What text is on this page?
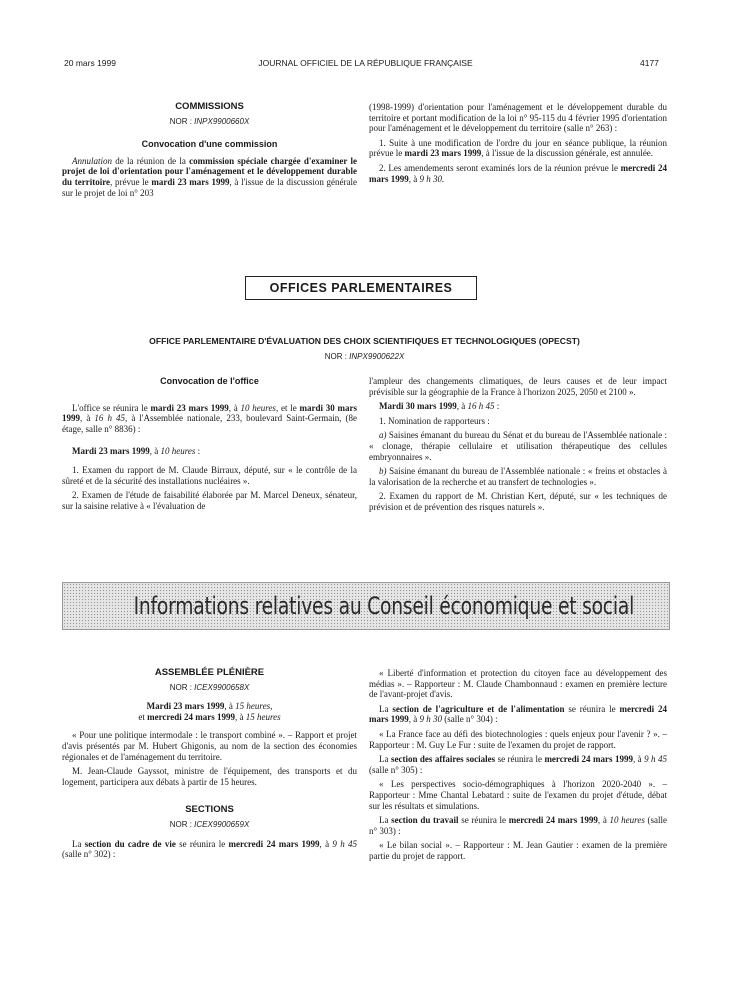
20 mars 1999	JOURNAL OFFICIEL DE LA RÉPUBLIQUE FRANÇAISE	4177
COMMISSIONS
NOR : INPX9900660X
Convocation d'une commission

Annulation de la réunion de la commission spéciale chargée d'examiner le projet de loi d'orientation pour l'aménagement et le développement durable du territoire, prévue le mardi 23 mars 1999, à l'issue de la discussion générale sur le projet de loi n° 203

(1998-1999) d'orientation pour l'aménagement et le développement durable du territoire et portant modification de la loi n° 95-115 du 4 février 1995 d'orientation pour l'aménagement et le développement du territoire (salle n° 263) :

1. Suite à une modification de l'ordre du jour en séance publique, la réunion prévue le mardi 23 mars 1999, à l'issue de la discussion générale, est annulée.

2. Les amendements seront examinés lors de la réunion prévue le mercredi 24 mars 1999, à 9 h 30.

OFFICES PARLEMENTAIRES
OFFICE PARLEMENTAIRE D'ÉVALUATION DES CHOIX SCIENTIFIQUES ET TECHNOLOGIQUES (OPECST)
NOR : INPX9900622X
Convocation de l'office

L'office se réunira le mardi 23 mars 1999, à 10 heures, et le mardi 30 mars 1999, à 16 h 45, à l'Assemblée nationale, 233, boulevard Saint-Germain, (8e étage, salle n° 8836) :

Mardi 23 mars 1999, à 10 heures :

1. Examen du rapport de M. Claude Birraux, député, sur « le contrôle de la sûreté et de la sécurité des installations nucléaires ».

2. Examen de l'étude de faisabilité élaborée par M. Marcel Deneux, sénateur, sur la saisine relative à « l'évaluation de

l'ampleur des changements climatiques, de leurs causes et de leur impact prévisible sur la géographie de la France à l'horizon 2025, 2050 et 2100 ».

Mardi 30 mars 1999, à 16 h 45 :

1. Nomination de rapporteurs :

a) Saisines émanant du bureau du Sénat et du bureau de l'Assemblée nationale : « clonage, thérapie cellulaire et utilisation thérapeutique des cellules embryonnaires ».

b) Saisine émanant du bureau de l'Assemblée nationale : « freins et obstacles à la valorisation de la recherche et au transfert de technologies ».

2. Examen du rapport de M. Christian Kert, député, sur « les techniques de prévision et de prévention des risques naturels ».

Informations relatives au Conseil économique et social
ASSEMBLÉE PLÉNIÈRE
NOR : ICEX9900658X
Mardi 23 mars 1999, à 15 heures,
et mercredi 24 mars 1999, à 15 heures

« Pour une politique intermodale : le transport combiné ». – Rapport et projet d'avis présentés par M. Hubert Ghigonis, au nom de la section des économies régionales et de l'aménagement du territoire.

M. Jean-Claude Gayssot, ministre de l'équipement, des transports et du logement, participera aux débats à partir de 15 heures.

SECTIONS
NOR : ICEX9900659X

La section du cadre de vie se réunira le mercredi 24 mars 1999, à 9 h 45 (salle n° 302) :

« Liberté d'information et protection du citoyen face au développement des médias ». – Rapporteur : M. Claude Chambonnaud : examen en première lecture de l'avant-projet d'avis.

La section de l'agriculture et de l'alimentation se réunira le mercredi 24 mars 1999, à 9 h 30 (salle n° 304) :

« La France face au défi des biotechnologies : quels enjeux pour l'avenir ? ». – Rapporteur : M. Guy Le Fur : suite de l'examen du projet de rapport.

La section des affaires sociales se réunira le mercredi 24 mars 1999, à 9 h 45 (salle n° 305) :

« Les perspectives socio-démographiques à l'horizon 2020-2040 ». – Rapporteur : Mme Chantal Lebatard : suite de l'examen du projet d'étude, débat sur les résultats et simulations.

La section du travail se réunira le mercredi 24 mars 1999, à 10 heures (salle n° 303) :

« Le bilan social ». – Rapporteur : M. Jean Gautier : examen de la première partie du projet de rapport.
